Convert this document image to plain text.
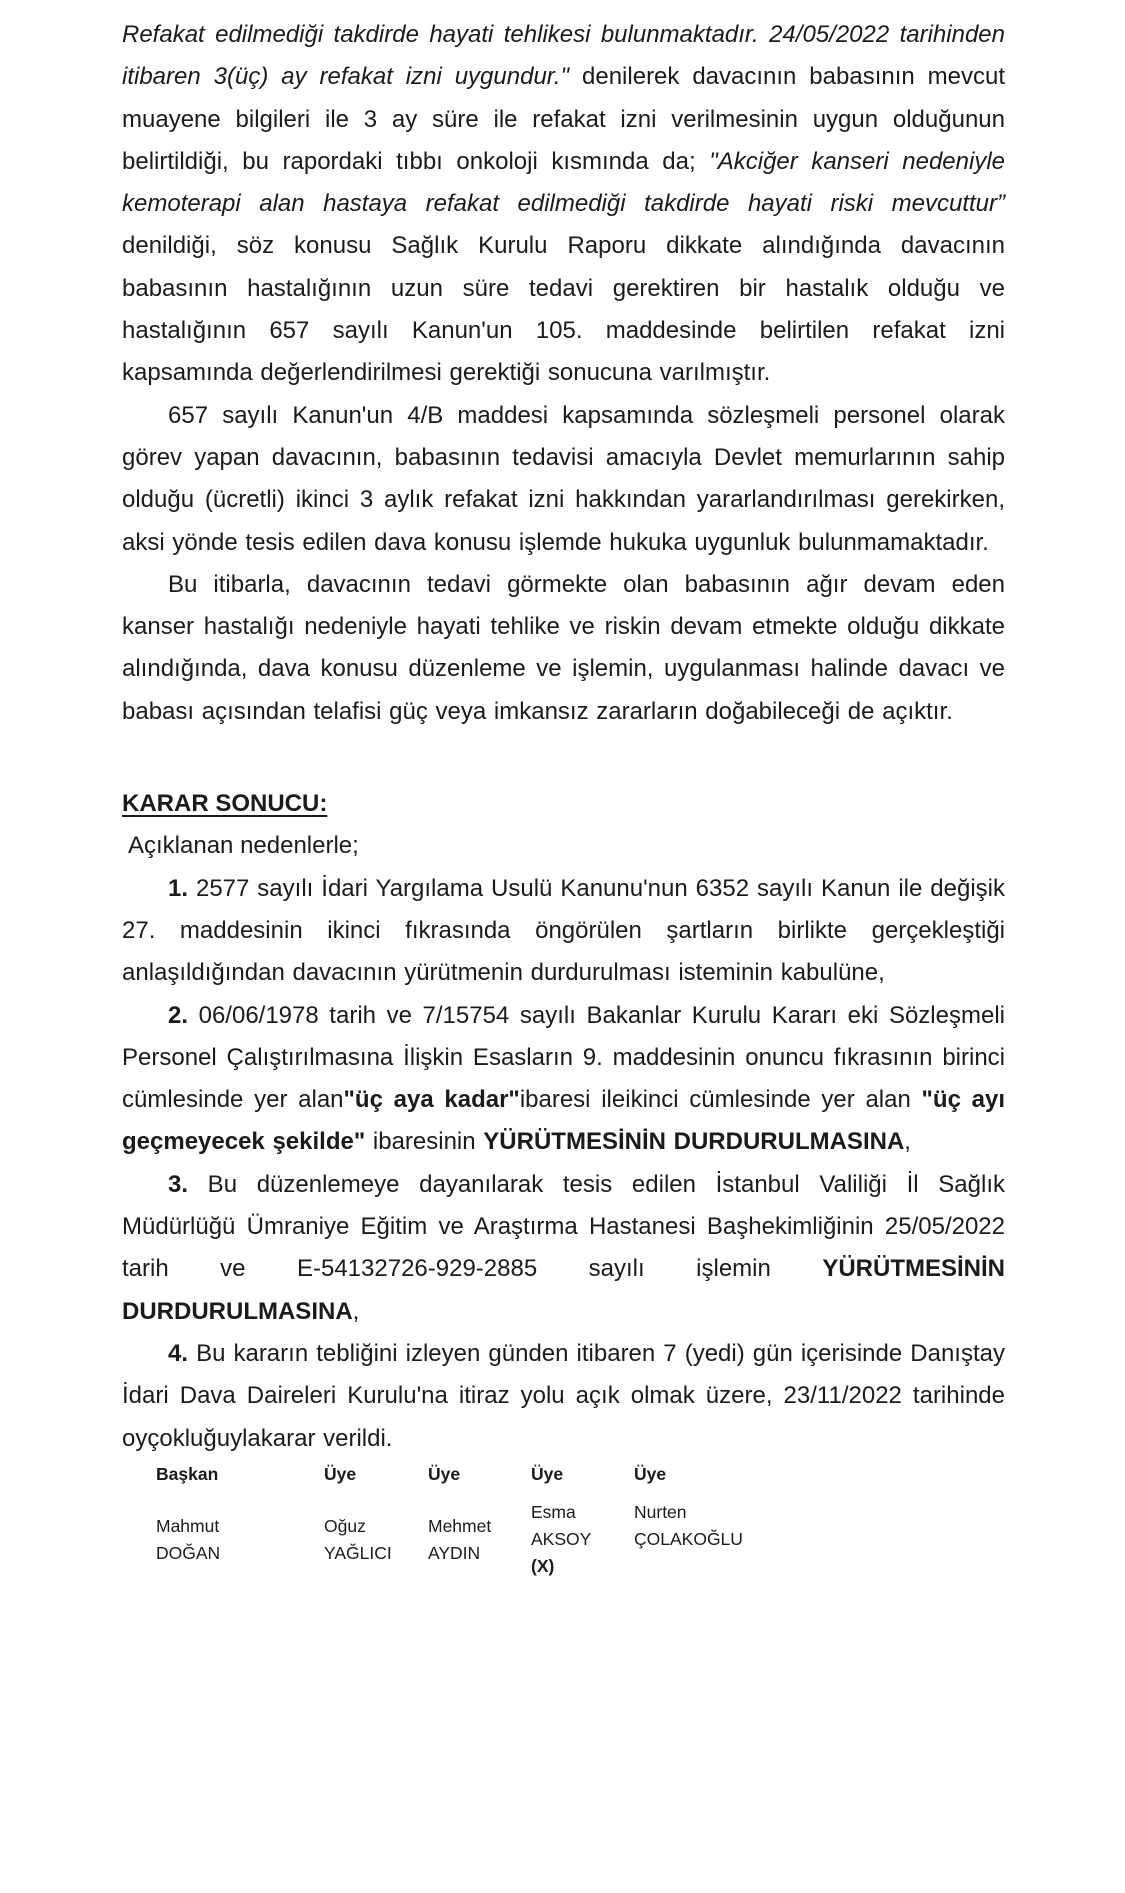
Refakat edilmediği takdirde hayati tehlikesi bulunmaktadır. 24/05/2022 tarihinden itibaren 3(üç) ay refakat izni uygundur." denilerek davacının babasının mevcut muayene bilgileri ile 3 ay süre ile refakat izni verilmesinin uygun olduğunun belirtildiği, bu rapordaki tıbbı onkoloji kısmında da; "Akciğer kanseri nedeniyle kemoterapi alan hastaya refakat edilmediği takdirde hayati riski mevcuttur” denildiği, söz konusu Sağlık Kurulu Raporu dikkate alındığında davacının babasının hastalığının uzun süre tedavi gerektiren bir hastalık olduğu ve hastalığının 657 sayılı Kanun'un 105. maddesinde belirtilen refakat izni kapsamında değerlendirilmesi gerektiği sonucuna varılmıştır.

657 sayılı Kanun'un 4/B maddesi kapsamında sözleşmeli personel olarak görev yapan davacının, babasının tedavisi amacıyla Devlet memurlarının sahip olduğu (ücretli) ikinci 3 aylık refakat izni hakkından yararlandırılması gerekirken, aksi yönde tesis edilen dava konusu işlemde hukuka uygunluk bulunmamaktadır.

Bu itibarla, davacının tedavi görmekte olan babasının ağır devam eden kanser hastalığı nedeniyle hayati tehlike ve riskin devam etmekte olduğu dikkate alındığında, dava konusu düzenleme ve işlemin, uygulanması halinde davacı ve babası açısından telafisi güç veya imkansız zararların doğabileceği de açıktır.

KARAR SONUCU:

Açıklanan nedenlerle;

1. 2577 sayılı İdari Yargılama Usulü Kanunu'nun 6352 sayılı Kanun ile değişik 27. maddesinin ikinci fıkrasında öngörülen şartların birlikte gerçekleştiği anlaşıldığından davacının yürütmenin durdurulması isteminin kabulüne,

2. 06/06/1978 tarih ve 7/15754 sayılı Bakanlar Kurulu Kararı eki Sözleşmeli Personel Çalıştırılmasına İlişkin Esasların 9. maddesinin onuncu fıkrasının birinci cümlesinde yer alan"üç aya kadar"ibaresi ileikinci cümlesinde yer alan "üç ayı geçmeyecek şekilde" ibaresinin YÜRÜTMESİNİN DURDURULMASINA,

3. Bu düzenlemeye dayanılarak tesis edilen İstanbul Valiliği İl Sağlık Müdürlüğü Ümraniye Eğitim ve Araştırma Hastanesi Başhekimliğinin 25/05/2022 tarih ve E-54132726-929-2885 sayılı işlemin YÜRÜTMESİNİN DURDURULMASINA,

4. Bu kararın tebliğini izleyen günden itibaren 7 (yedi) gün içerisinde Danıştay İdari Dava Daireleri Kurulu'na itiraz yolu açık olmak üzere, 23/11/2022 tarihinde oyçokluğuylakarar verildi.

Başkan
Mahmut
DOĞAN
Üye
Oğuz
YAĞLICI
Üye
Mehmet
AYDIN
Üye
Esma
AKSOY
(X)
Üye
Nurten
ÇOLAKOĞLU
